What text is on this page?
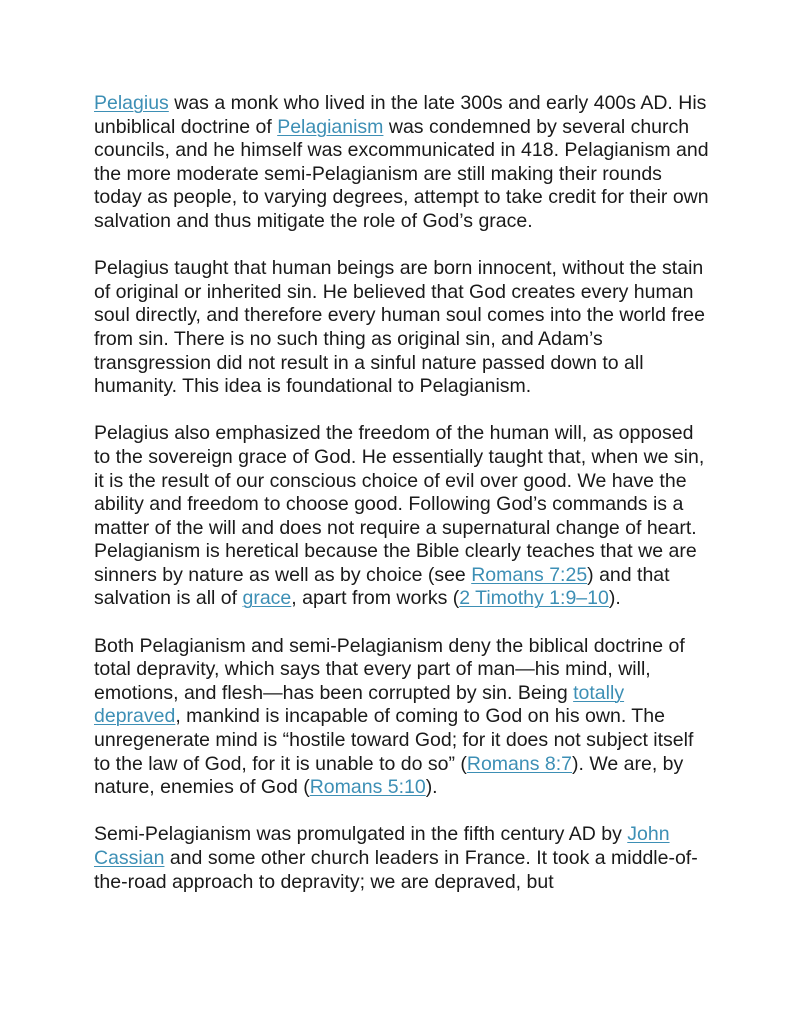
Pelagius was a monk who lived in the late 300s and early 400s AD. His unbiblical doctrine of Pelagianism was condemned by several church councils, and he himself was excommunicated in 418. Pelagianism and the more moderate semi-Pelagianism are still making their rounds today as people, to varying degrees, attempt to take credit for their own salvation and thus mitigate the role of God’s grace.

Pelagius taught that human beings are born innocent, without the stain of original or inherited sin. He believed that God creates every human soul directly, and therefore every human soul comes into the world free from sin. There is no such thing as original sin, and Adam’s transgression did not result in a sinful nature passed down to all humanity. This idea is foundational to Pelagianism.

Pelagius also emphasized the freedom of the human will, as opposed to the sovereign grace of God. He essentially taught that, when we sin, it is the result of our conscious choice of evil over good. We have the ability and freedom to choose good. Following God’s commands is a matter of the will and does not require a supernatural change of heart. Pelagianism is heretical because the Bible clearly teaches that we are sinners by nature as well as by choice (see Romans 7:25) and that salvation is all of grace, apart from works (2 Timothy 1:9–10).

Both Pelagianism and semi-Pelagianism deny the biblical doctrine of total depravity, which says that every part of man—his mind, will, emotions, and flesh—has been corrupted by sin. Being totally depraved, mankind is incapable of coming to God on his own. The unregenerate mind is “hostile toward God; for it does not subject itself to the law of God, for it is unable to do so” (Romans 8:7). We are, by nature, enemies of God (Romans 5:10).

Semi-Pelagianism was promulgated in the fifth century AD by John Cassian and some other church leaders in France. It took a middle-of-the-road approach to depravity; we are depraved, but
